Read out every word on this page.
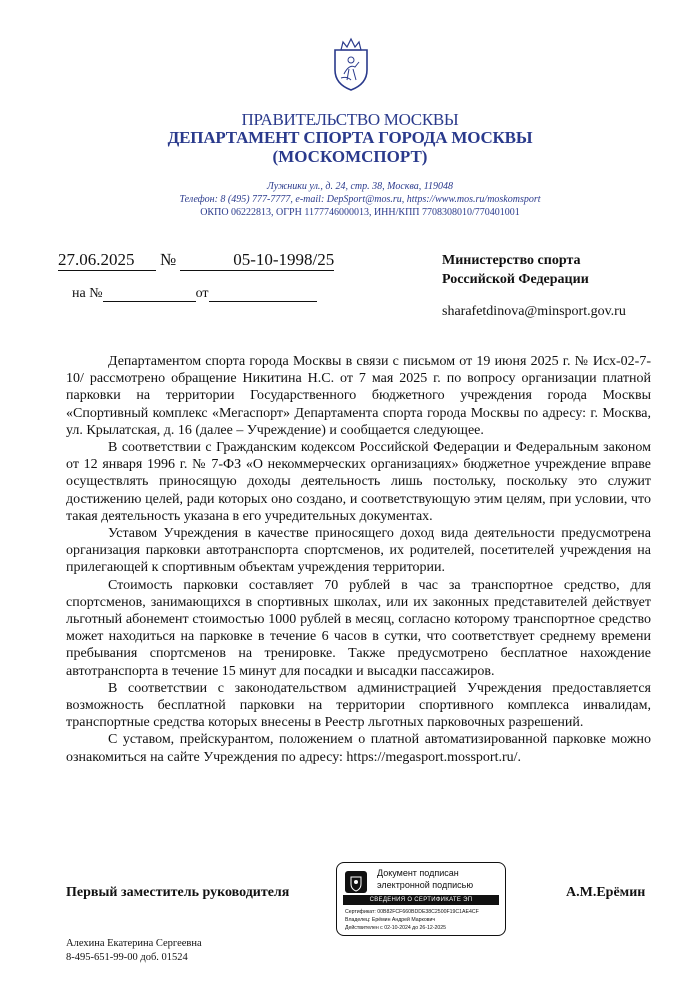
ПРАВИТЕЛЬСТВО МОСКВЫ
ДЕПАРТАМЕНТ СПОРТА ГОРОДА МОСКВЫ
(МОСКОМСПОРТ)
Лужники ул., д. 24, стр. 38, Москва, 119048
Телефон: 8 (495) 777-7777, e-mail: DepSport@mos.ru, https://www.mos.ru/moskomsport
ОКПО 06222813, ОГРН 1177746000013, ИНН/КПП 7708308010/770401001
27.06.2025 №	05-10-1998/25
на №	от
Министерство спорта
Российской Федерации
sharafetdinova@minsport.gov.ru

Департаментом спорта города Москвы в связи с письмом от 19 июня 2025 г. № Исх-02-7-10/ рассмотрено обращение Никитина Н.С. от 7 мая 2025 г. по вопросу организации платной парковки на территории Государственного бюджетного учреждения города Москвы «Спортивный комплекс «Мегаспорт» Департамента спорта города Москвы по адресу: г. Москва, ул. Крылатская, д. 16 (далее – Учреждение) и сообщается следующее.

В соответствии с Гражданским кодексом Российской Федерации и Федеральным законом от 12 января 1996 г. № 7-ФЗ «О некоммерческих организациях» бюджетное учреждение вправе осуществлять приносящую доходы деятельность лишь постольку, поскольку это служит достижению целей, ради которых оно создано, и соответствующую этим целям, при условии, что такая деятельность указана в его учредительных документах.

Уставом Учреждения в качестве приносящего доход вида деятельности предусмотрена организация парковки автотранспорта спортсменов, их родителей, посетителей учреждения на прилегающей к спортивным объектам учреждения территории.

Стоимость парковки составляет 70 рублей в час за транспортное средство, для спортсменов, занимающихся в спортивных школах, или их законных представителей действует льготный абонемент стоимостью 1000 рублей в месяц, согласно которому транспортное средство может находиться на парковке в течение 6 часов в сутки, что соответствует среднему времени пребывания спортсменов на тренировке. Также предусмотрено бесплатное нахождение автотранспорта в течение 15 минут для посадки и высадки пассажиров.

В соответствии с законодательством администрацией Учреждения предоставляется возможность бесплатной парковки на территории спортивного комплекса инвалидам, транспортные средства которых внесены в Реестр льготных парковочных разрешений.

С уставом, прейскурантом, положением о платной автоматизированной парковке можно ознакомиться на сайте Учреждения по адресу: https://megasport.mossport.ru/.

Первый заместитель руководителя
Документ подписан
электронной подписью
СВЕДЕНИЯ О СЕРТИФИКАТЕ ЭП
Сертификат: 00B82FCF660BDDE38C2500F19C1AE4CF
Владелец: Ерёмин Андрей Маркович
Действителен с 02-10-2024 до 26-12-2025
А.М.Ерёмин
Алехина Екатерина Сергеевна
8-495-651-99-00 доб. 01524
